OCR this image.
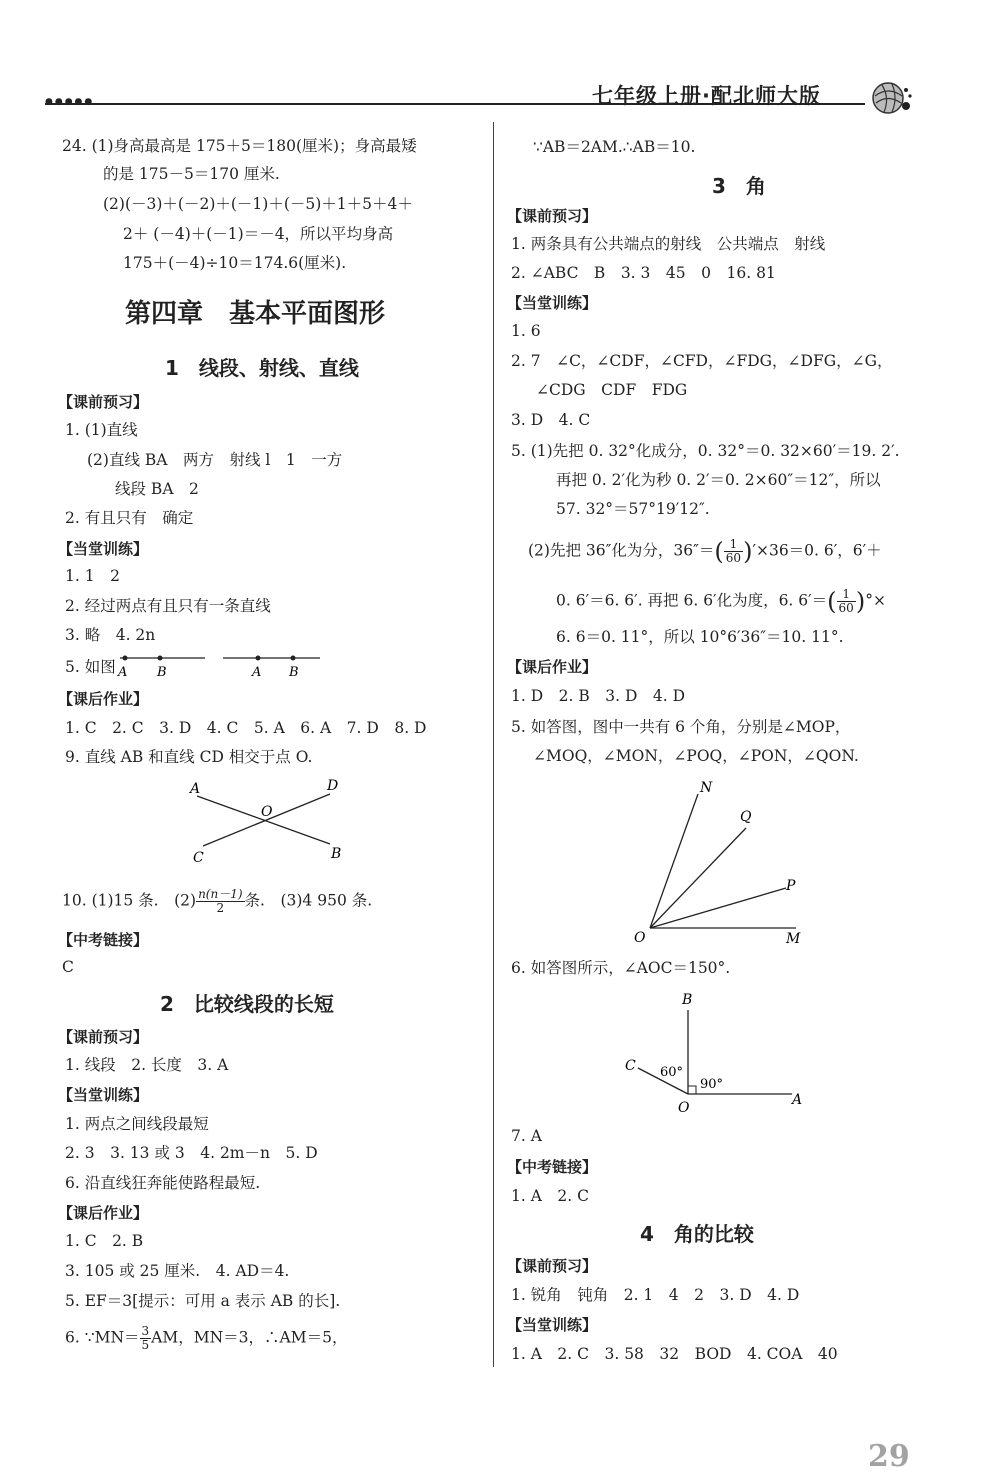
●●●●●	七年级上册·配北师大版
24. (1)身高最高是 175＋5＝180(厘米)；身高最矮
的是 175－5＝170 厘米.
(2)(－3)＋(－2)＋(－1)＋(－5)＋1＋5＋4＋
2＋ (－4)＋(－1)＝－4，所以平均身高
175＋(－4)÷10＝174.6(厘米).
第四章　基本平面图形
1　线段、射线、直线
【课前预习】
1. (1)直线
(2)直线 BA　两方　射线 l　1　一方
线段 BA　2
2. 有且只有　确定
【当堂训练】
1. 1　2
2. 经过两点有且只有一条直线
3. 略　4. 2n
5. 如图 A B	A B
【课后作业】
1. C　2. C　3. D　4. C　5. A　6. A　7. D　8. D
9. 直线 AB 和直线 CD 相交于点 O.
A	D
O
C	B
10. (1)15 条.　$(2) \frac{n(n-1)}{2}$ 条.　(3)4 950 条.
【中考链接】
C
2　比较线段的长短
【课前预习】
1. 线段　2. 长度　3. A
【当堂训练】
1. 两点之间线段最短
2. 3　3. 13 或 3　4. 2m－n　5. D
6. 沿直线狂奔能使路程最短.
【课后作业】
1. C　2. B
3. 105 或 25 厘米.　4. AD＝4.
5. EF＝3[提示：可用 a 表示 AB 的长].
6. ∵MN＝ $\frac{3}{5}$ AM，MN＝3，∴AM＝5，
∵AB＝2AM.∴AB＝10.
3　角
【课前预习】
1. 两条具有公共端点的射线　公共端点　射线
2. ∠ABC　B　3. 3　45　0　16. 81
【当堂训练】
1. 6
2. 7　∠C，∠CDF，∠CFD，∠FDG，∠DFG，∠G，
∠CDG　CDF　FDG
3. D　4. C
5. (1)先把 0. 32°化成分，0. 32°＝0. 32×60′＝19. 2′.
再把 0. 2′化为秒 0. 2′＝0. 2×60″＝12″，所以
57. 32°＝57°19′12″.
(2)先把 36″化为分，$36''=( \frac{1}{60} )'\times 36=0$. 6′，6′＋
0. 6′＝6. 6′. 再把 6. 6′化为度，6. $6'=( \frac{1}{60}$ )°×
6. 6＝0. 11°，所以 10°6′36″＝10. 11°.
【课后作业】
1. D　2. B　3. D　4. D
5. 如答图，图中一共有 6 个角，分别是∠MOP，
∠MOQ，∠MON，∠POQ，∠PON，∠QON.
N
Q
P
O	M
6. 如答图所示，∠AOC＝150°.
B
C
O	A
60°
90°
7. A
【中考链接】
1. A　2. C
4　角的比较
【课前预习】
1. 锐角　钝角　2. 1　4　2　3. D　4. D
【当堂训练】
1. A　2. C　3. 58　32　BOD　4. COA　40
29
